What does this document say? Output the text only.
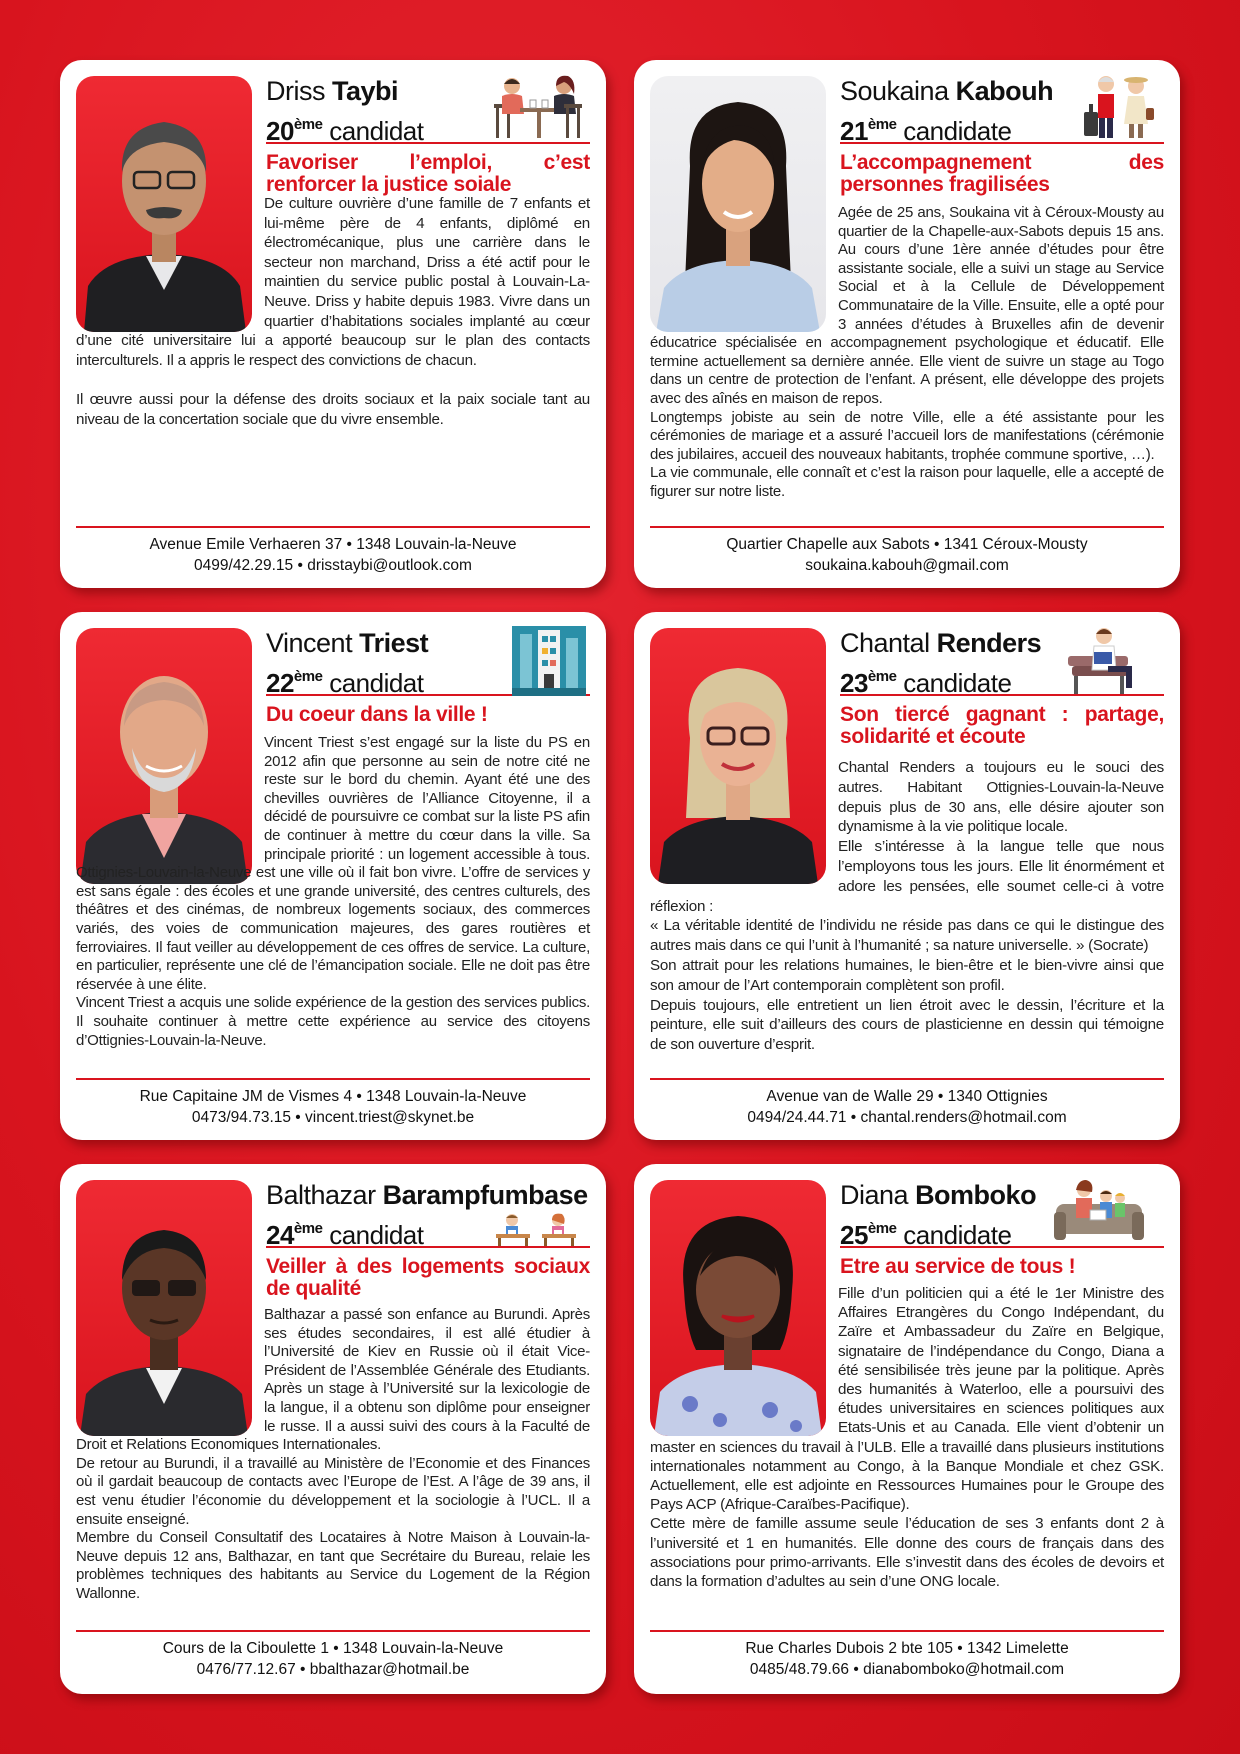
Driss Taybi
20ème candidat
Favoriser l’emploi, c’est renforcer la justice soiale

De culture ouvrière d’une famille de 7 enfants et lui-même père de 4 enfants, diplômé en électromécanique, plus une carrière dans le secteur non marchand, Driss a été actif pour le maintien du service public postal à Louvain-La-Neuve. Driss y habite depuis 1983. Vivre dans un quartier d’habitations sociales implanté au cœur d’une cité universitaire lui a apporté beaucoup sur le plan des contacts interculturels. Il a appris le respect des convictions de chacun.

Il œuvre aussi pour la défense des droits sociaux et la paix sociale tant au niveau de la concertation sociale que du vivre ensemble.

Avenue Emile Verhaeren 37 • 1348 Louvain-la-Neuve
0499/42.29.15 • drisstaybi@outlook.com
Soukaina Kabouh
21ème candidate
L’accompagnement des personnes fragilisées

Agée de 25 ans, Soukaina vit à Céroux-Mousty au quartier de la Chapelle-aux-Sabots depuis 15 ans. Au cours d’une 1ère année d’études pour être assistante sociale, elle a suivi un stage au Service Social et à la Cellule de Développement Communataire de la Ville. Ensuite, elle a opté pour 3 années d’études à Bruxelles afin de devenir éducatrice spécialisée en accompagnement psychologique et éducatif. Elle termine actuellement sa dernière année. Elle vient de suivre un stage au Togo dans un centre de protection de l’enfant. A présent, elle développe des projets avec des aînés en maison de repos.

Longtemps jobiste au sein de notre Ville, elle a été assistante pour les cérémonies de mariage et a assuré l’accueil lors de manifestations (cérémonie des jubilaires, accueil des nouveaux habitants, trophée commune sportive, …).

La vie communale, elle connaît et c’est la raison pour laquelle, elle a accepté de figurer sur notre liste.

Quartier Chapelle aux Sabots • 1341 Céroux-Mousty
soukaina.kabouh@gmail.com
Vincent Triest
22ème candidat
Du coeur dans la ville !

Vincent Triest s’est engagé sur la liste du PS en 2012 afin que personne au sein de notre cité ne reste sur le bord du chemin. Ayant été une des chevilles ouvrières de l’Alliance Citoyenne, il a décidé de poursuivre ce combat sur la liste PS afin de continuer à mettre du cœur dans la ville. Sa principale priorité : un logement accessible à tous. Ottignies-Louvain-la-Neuve est une ville où il fait bon vivre. L’offre de services y est sans égale : des écoles et une grande université, des centres culturels, des théâtres et des cinémas, de nombreux logements sociaux, des commerces variés, des voies de communication majeures, des gares routières et ferroviaires. Il faut veiller au développement de ces offres de service. La culture, en particulier, représente une clé de l’émancipation sociale. Elle ne doit pas être réservée à une élite.

Vincent Triest a acquis une solide expérience de la gestion des services publics. Il souhaite continuer à mettre cette expérience au service des citoyens d’Ottignies-Louvain-la-Neuve.

Rue Capitaine JM de Vismes 4 • 1348 Louvain-la-Neuve
0473/94.73.15 • vincent.triest@skynet.be
Chantal Renders
23ème candidate
Son tiercé gagnant : partage, solidarité et écoute

Chantal Renders a toujours eu le souci des autres. Habitant Ottignies-Louvain-la-Neuve depuis plus de 30 ans, elle désire ajouter son dynamisme à la vie politique locale.

Elle s’intéresse à la langue telle que nous l’employons tous les jours. Elle lit énormément et adore les pensées, elle soumet celle-ci à votre réflexion :

« La véritable identité de l’individu ne réside pas dans ce qui le distingue des autres mais dans ce qui l’unit à l’humanité ; sa nature universelle. » (Socrate)

Son attrait pour les relations humaines, le bien-être et le bien-vivre ainsi que son amour de l’Art contemporain complètent son profil.

Depuis toujours, elle entretient un lien étroit avec le dessin, l’écriture et la peinture, elle suit d’ailleurs des cours de plasticienne en dessin qui témoigne de son ouverture d’esprit.

Avenue van de Walle 29 • 1340 Ottignies
0494/24.44.71 • chantal.renders@hotmail.com
Balthazar Barampfumbase
24ème candidat
Veiller à des logements sociaux de qualité

Balthazar a passé son enfance au Burundi. Après ses études secondaires, il est allé étudier à l’Université de Kiev en Russie où il était Vice-Président de l’Assemblée Générale des Etudiants. Après un stage à l’Université sur la lexicologie de la langue, il a obtenu son diplôme pour enseigner le russe. Il a aussi suivi des cours à la Faculté de Droit et Relations Economiques Internationales.

De retour au Burundi, il a travaillé au Ministère de l’Economie et des Finances où il gardait beaucoup de contacts avec l’Europe de l’Est. A l’âge de 39 ans, il est venu étudier l’économie du développement et la sociologie à l’UCL. Il a ensuite enseigné.

Membre du Conseil Consultatif des Locataires à Notre Maison à Louvain-la-Neuve depuis 12 ans, Balthazar, en tant que Secrétaire du Bureau, relaie les problèmes techniques des habitants au Service du Logement de la Région Wallonne.

Cours de la Ciboulette 1 • 1348 Louvain-la-Neuve
0476/77.12.67 • bbalthazar@hotmail.be
Diana Bomboko
25ème candidate
Etre au service de tous !

Fille d’un politicien qui a été le 1er Ministre des Affaires Etrangères du Congo Indépendant, du Zaïre et Ambassadeur du Zaïre en Belgique, signataire de l’indépendance du Congo, Diana a été sensibilisée très jeune par la politique. Après des humanités à Waterloo, elle a poursuivi des études universitaires en sciences politiques aux Etats-Unis et au Canada. Elle vient d’obtenir un master en sciences du travail à l’ULB. Elle a travaillé dans plusieurs institutions internationales notamment au Congo, à la Banque Mondiale et chez GSK. Actuellement, elle est adjointe en Ressources Humaines pour le Groupe des Pays ACP (Afrique-Caraïbes-Pacifique).

Cette mère de famille assume seule l’éducation de ses 3 enfants dont 2 à l’université et 1 en humanités. Elle donne des cours de français dans des associations pour primo-arrivants. Elle s’investit dans des écoles de devoirs et dans la formation d’adultes au sein d’une ONG locale.

Rue Charles Dubois 2 bte 105 • 1342 Limelette
0485/48.79.66 • dianabomboko@hotmail.com
